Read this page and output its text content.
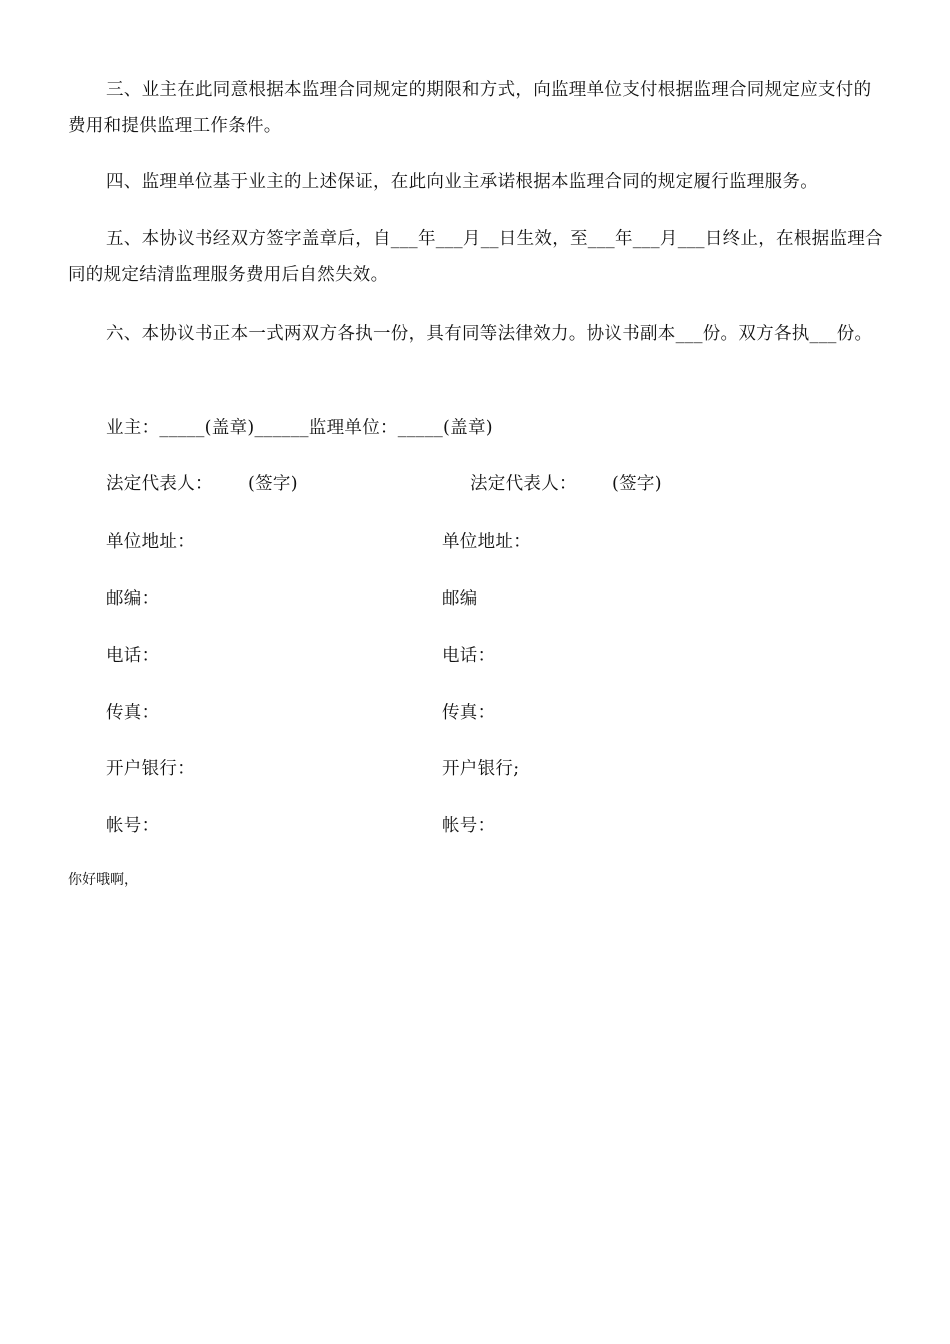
三、业主在此同意根据本监理合同规定的期限和方式，向监理单位支付根据监理合同规定应支付的费用和提供监理工作条件。

四、监理单位基于业主的上述保证，在此向业主承诺根据本监理合同的规定履行监理服务。

五、本协议书经双方签字盖章后，自___年___月__日生效，至___年___月___日终止，在根据监理合同的规定结清监理服务费用后自然失效。

六、本协议书正本一式两双方各执一份，具有同等法律效力。协议书副本___份。双方各执___份。

业主：_____(盖章)______监理单位：_____(盖章)
法定代表人：      (签字)	法定代表人：      (签字)
单位地址：	单位地址：
邮编：	邮编
电话：	电话：
传真：	传真：
开户银行：	开户银行;
帐号：	帐号：
你好哦啊，
